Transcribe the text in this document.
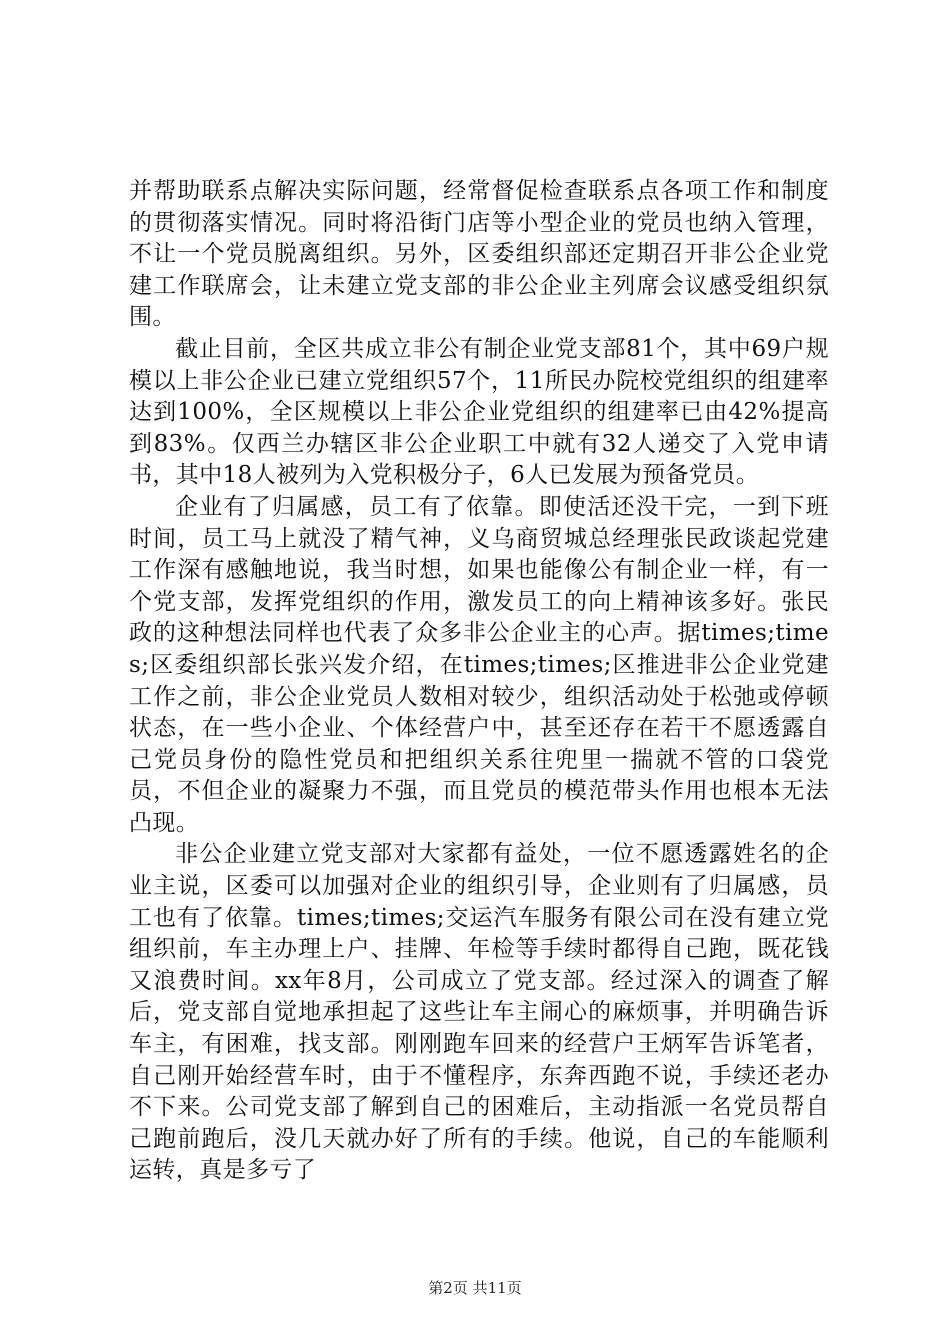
并帮助联系点解决实际问题，经常督促检查联系点各项工作和制度的贯彻落实情况。同时将沿街门店等小型企业的党员也纳入管理，不让一个党员脱离组织。另外，区委组织部还定期召开非公企业党建工作联席会，让未建立党支部的非公企业主列席会议感受组织氛围。

截止目前，全区共成立非公有制企业党支部81个，其中69户规模以上非公企业已建立党组织57个，11所民办院校党组织的组建率达到100%，全区规模以上非公企业党组织的组建率已由42%提高到83%。仅西兰办辖区非公企业职工中就有32人递交了入党申请书，其中18人被列为入党积极分子，6人已发展为预备党员。

企业有了归属感，员工有了依靠。即使活还没干完，一到下班时间，员工马上就没了精气神，义乌商贸城总经理张民政谈起党建工作深有感触地说，我当时想，如果也能像公有制企业一样，有一个党支部，发挥党组织的作用，激发员工的向上精神该多好。张民政的这种想法同样也代表了众多非公企业主的心声。据times;times;区委组织部长张兴发介绍，在times;times;区推进非公企业党建工作之前，非公企业党员人数相对较少，组织活动处于松弛或停顿状态，在一些小企业、个体经营户中，甚至还存在若干不愿透露自己党员身份的隐性党员和把组织关系往兜里一揣就不管的口袋党员，不但企业的凝聚力不强，而且党员的模范带头作用也根本无法凸现。

非公企业建立党支部对大家都有益处，一位不愿透露姓名的企业主说，区委可以加强对企业的组织引导，企业则有了归属感，员工也有了依靠。times;times;交运汽车服务有限公司在没有建立党组织前，车主办理上户、挂牌、年检等手续时都得自己跑，既花钱又浪费时间。xx年8月，公司成立了党支部。经过深入的调查了解后，党支部自觉地承担起了这些让车主闹心的麻烦事，并明确告诉车主，有困难，找支部。刚刚跑车回来的经营户王炳军告诉笔者，自己刚开始经营车时，由于不懂程序，东奔西跑不说，手续还老办不下来。公司党支部了解到自己的困难后，主动指派一名党员帮自己跑前跑后，没几天就办好了所有的手续。他说，自己的车能顺利运转，真是多亏了

第2页 共11页
